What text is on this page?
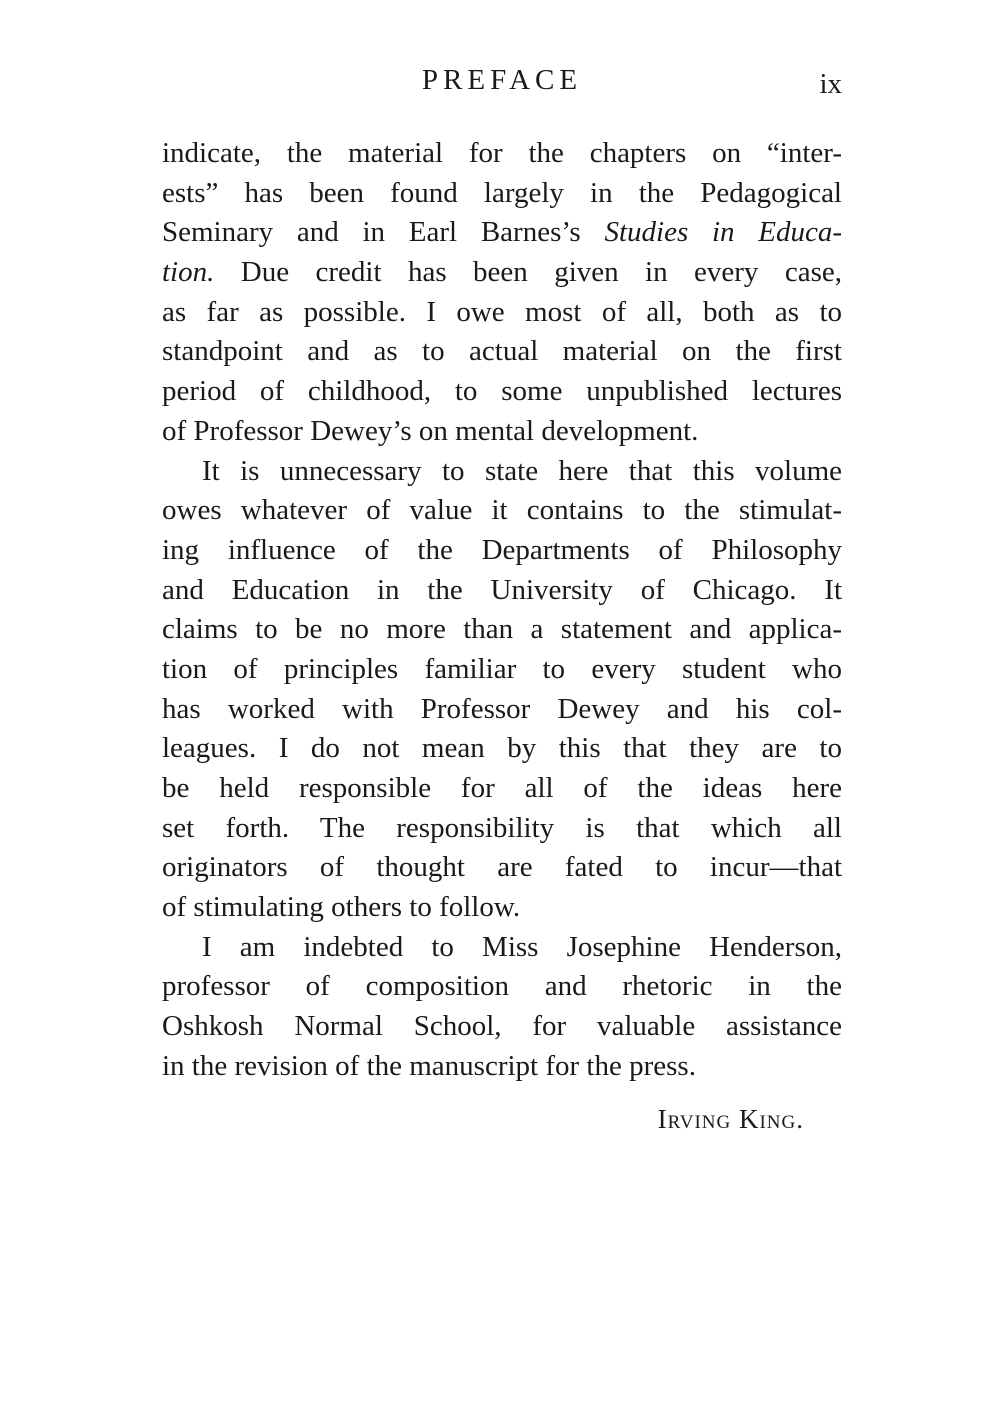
PREFACE	ix
indicate, the material for the chapters on “inter-
ests” has been found largely in the Pedagogical
Seminary and in Earl Barnes’s Studies in Educa-
tion. Due credit has been given in every case,
as far as possible. I owe most of all, both as to
standpoint and as to actual material on the first
period of childhood, to some unpublished lectures
of Professor Dewey’s on mental development.
It is unnecessary to state here that this volume
owes whatever of value it contains to the stimulat-
ing influence of the Departments of Philosophy
and Education in the University of Chicago. It
claims to be no more than a statement and applica-
tion of principles familiar to every student who
has worked with Professor Dewey and his col-
leagues. I do not mean by this that they are to
be held responsible for all of the ideas here
set forth. The responsibility is that which all
originators of thought are fated to incur—that
of stimulating others to follow.
I am indebted to Miss Josephine Henderson,
professor of composition and rhetoric in the
Oshkosh Normal School, for valuable assistance
in the revision of the manuscript for the press.
Irving King.
